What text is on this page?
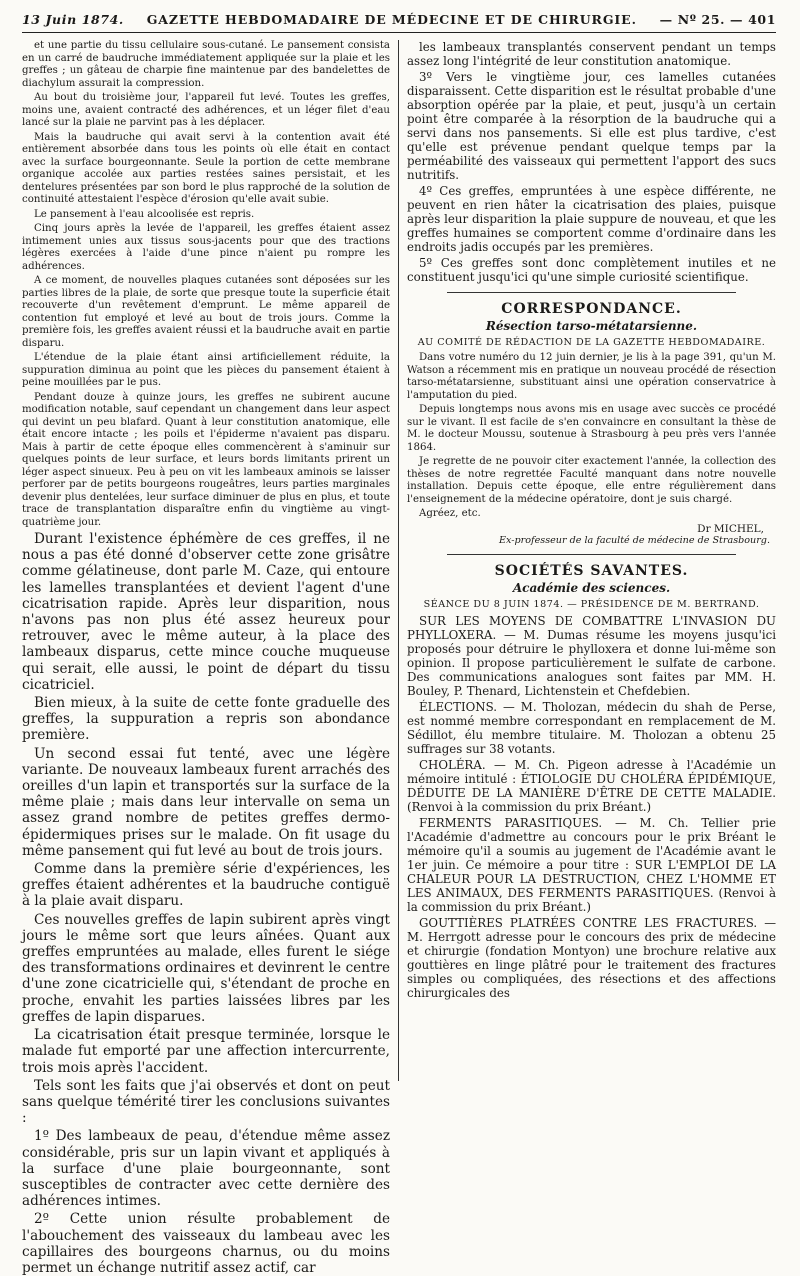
13 Juin 1874. GAZETTE HEBDOMADAIRE DE MÉDECINE ET DE CHIRURGIE. — Nº 25. — 401

et une partie du tissu cellulaire sous-cutané. Le pansement consista en un carré de baudruche immédiatement appliquée sur la plaie et les greffes ; un gâteau de charpie fine maintenue par des bandelettes de diachylum assurait la compression.

Au bout du troisième jour, l'appareil fut levé. Toutes les greffes, moins une, avaient contracté des adhérences, et un léger filet d'eau lancé sur la plaie ne parvint pas à les déplacer.

Mais la baudruche qui avait servi à la contention avait été entièrement absorbée dans tous les points où elle était en contact avec la surface bourgeonnante. Seule la portion de cette membrane organique accolée aux parties restées saines persistait, et les dentelures présentées par son bord le plus rapproché de la solution de continuité attestaient l'espèce d'érosion qu'elle avait subie.

Le pansement à l'eau alcoolisée est repris.

Cinq jours après la levée de l'appareil, les greffes étaient assez intimement unies aux tissus sous-jacents pour que des tractions légères exercées à l'aide d'une pince n'aient pu rompre les adhérences.

A ce moment, de nouvelles plaques cutanées sont déposées sur les parties libres de la plaie, de sorte que presque toute la superficie était recouverte d'un revêtement d'emprunt. Le même appareil de contention fut employé et levé au bout de trois jours. Comme la première fois, les greffes avaient réussi et la baudruche avait en partie disparu.

L'étendue de la plaie étant ainsi artificiellement réduite, la suppuration diminua au point que les pièces du pansement étaient à peine mouillées par le pus.

Pendant douze à quinze jours, les greffes ne subirent aucune modification notable, sauf cependant un changement dans leur aspect qui devint un peu blafard. Quant à leur constitution anatomique, elle était encore intacte ; les poils et l'épiderme n'avaient pas disparu. Mais à partir de cette époque elles commencèrent à s'aminuir sur quelques points de leur surface, et leurs bords limitants prirent un léger aspect sinueux. Peu à peu on vit les lambeaux aminois se laisser perforer par de petits bourgeons rougeâtres, leurs parties marginales devenir plus dentelées, leur surface diminuer de plus en plus, et toute trace de transplantation disparaître enfin du vingtième au vingt-quatrième jour.

Durant l'existence éphémère de ces greffes, il ne nous a pas été donné d'observer cette zone grisâtre comme gélatineuse, dont parle M. Caze, qui entoure les lamelles transplantées et devient l'agent d'une cicatrisation rapide. Après leur disparition, nous n'avons pas non plus été assez heureux pour retrouver, avec le même auteur, à la place des lambeaux disparus, cette mince couche muqueuse qui serait, elle aussi, le point de départ du tissu cicatriciel.

Bien mieux, à la suite de cette fonte graduelle des greffes, la suppuration a repris son abondance première.

Un second essai fut tenté, avec une légère variante. De nouveaux lambeaux furent arrachés des oreilles d'un lapin et transportés sur la surface de la même plaie ; mais dans leur intervalle on sema un assez grand nombre de petites greffes dermo-épidermiques prises sur le malade. On fit usage du même pansement qui fut levé au bout de trois jours.

Comme dans la première série d'expériences, les greffes étaient adhérentes et la baudruche contiguë à la plaie avait disparu.

Ces nouvelles greffes de lapin subirent après vingt jours le même sort que leurs aînées. Quant aux greffes empruntées au malade, elles furent le siége des transformations ordinaires et devinrent le centre d'une zone cicatricielle qui, s'étendant de proche en proche, envahit les parties laissées libres par les greffes de lapin disparues.

La cicatrisation était presque terminée, lorsque le malade fut emporté par une affection intercurrente, trois mois après l'accident.

Tels sont les faits que j'ai observés et dont on peut sans quelque témérité tirer les conclusions suivantes :

1º Des lambeaux de peau, d'étendue même assez considérable, pris sur un lapin vivant et appliqués à la surface d'une plaie bourgeonnante, sont susceptibles de contracter avec cette dernière des adhérences intimes.

2º Cette union résulte probablement de l'abouchement des vaisseaux du lambeau avec les capillaires des bourgeons charnus, ou du moins permet un échange nutritif assez actif, car

les lambeaux transplantés conservent pendant un temps assez long l'intégrité de leur constitution anatomique.

3º Vers le vingtième jour, ces lamelles cutanées disparaissent. Cette disparition est le résultat probable d'une absorption opérée par la plaie, et peut, jusqu'à un certain point être comparée à la résorption de la baudruche qui a servi dans nos pansements. Si elle est plus tardive, c'est qu'elle est prévenue pendant quelque temps par la perméabilité des vaisseaux qui permettent l'apport des sucs nutritifs.

4º Ces greffes, empruntées à une espèce différente, ne peuvent en rien hâter la cicatrisation des plaies, puisque après leur disparition la plaie suppure de nouveau, et que les greffes humaines se comportent comme d'ordinaire dans les endroits jadis occupés par les premières.

5º Ces greffes sont donc complètement inutiles et ne constituent jusqu'ici qu'une simple curiosité scientifique.

CORRESPONDANCE.
Résection tarso-métatarsienne.
AU COMITÉ DE RÉDACTION DE LA GAZETTE HEBDOMADAIRE.

Dans votre numéro du 12 juin dernier, je lis à la page 391, qu'un M. Watson a récemment mis en pratique un nouveau procédé de résection tarso-métatarsienne, substituant ainsi une opération conservatrice à l'amputation du pied.

Depuis longtemps nous avons mis en usage avec succès ce procédé sur le vivant. Il est facile de s'en convaincre en consultant la thèse de M. le docteur Moussu, soutenue à Strasbourg à peu près vers l'année 1864.

Je regrette de ne pouvoir citer exactement l'année, la collection des thèses de notre regrettée Faculté manquant dans notre nouvelle installation. Depuis cette époque, elle entre régulièrement dans l'enseignement de la médecine opératoire, dont je suis chargé.

Agréez, etc.

Dr MICHEL,
Ex-professeur de la faculté de médecine de Strasbourg.
SOCIÉTÉS SAVANTES.
Académie des sciences.
SÉANCE DU 8 JUIN 1874. — PRÉSIDENCE DE M. BERTRAND.

SUR LES MOYENS DE COMBATTRE L'INVASION DU PHYLLOXERA. — M. Dumas résume les moyens jusqu'ici proposés pour détruire le phylloxera et donne lui-même son opinion. Il propose particulièrement le sulfate de carbone. Des communications analogues sont faites par MM. H. Bouley, P. Thenard, Lichtenstein et Chefdebien.

ÉLECTIONS. — M. Tholozan, médecin du shah de Perse, est nommé membre correspondant en remplacement de M. Sédillot, élu membre titulaire. M. Tholozan a obtenu 25 suffrages sur 38 votants.

CHOLÉRA. — M. Ch. Pigeon adresse à l'Académie un mémoire intitulé : ÉTIOLOGIE DU CHOLÉRA ÉPIDÉMIQUE, DÉDUITE DE LA MANIÈRE D'ÊTRE DE CETTE MALADIE. (Renvoi à la commission du prix Bréant.)

FERMENTS PARASITIQUES. — M. Ch. Tellier prie l'Académie d'admettre au concours pour le prix Bréant le mémoire qu'il a soumis au jugement de l'Académie avant le 1er juin. Ce mémoire a pour titre : SUR L'EMPLOI DE LA CHALEUR POUR LA DESTRUCTION, CHEZ L'HOMME ET LES ANIMAUX, DES FERMENTS PARASITIQUES. (Renvoi à la commission du prix Bréant.)

GOUTTIÈRES PLATRÉES CONTRE LES FRACTURES. — M. Herrgott adresse pour le concours des prix de médecine et chirurgie (fondation Montyon) une brochure relative aux gouttières en linge plâtré pour le traitement des fractures simples ou compliquées, des résections et des affections chirurgicales des
